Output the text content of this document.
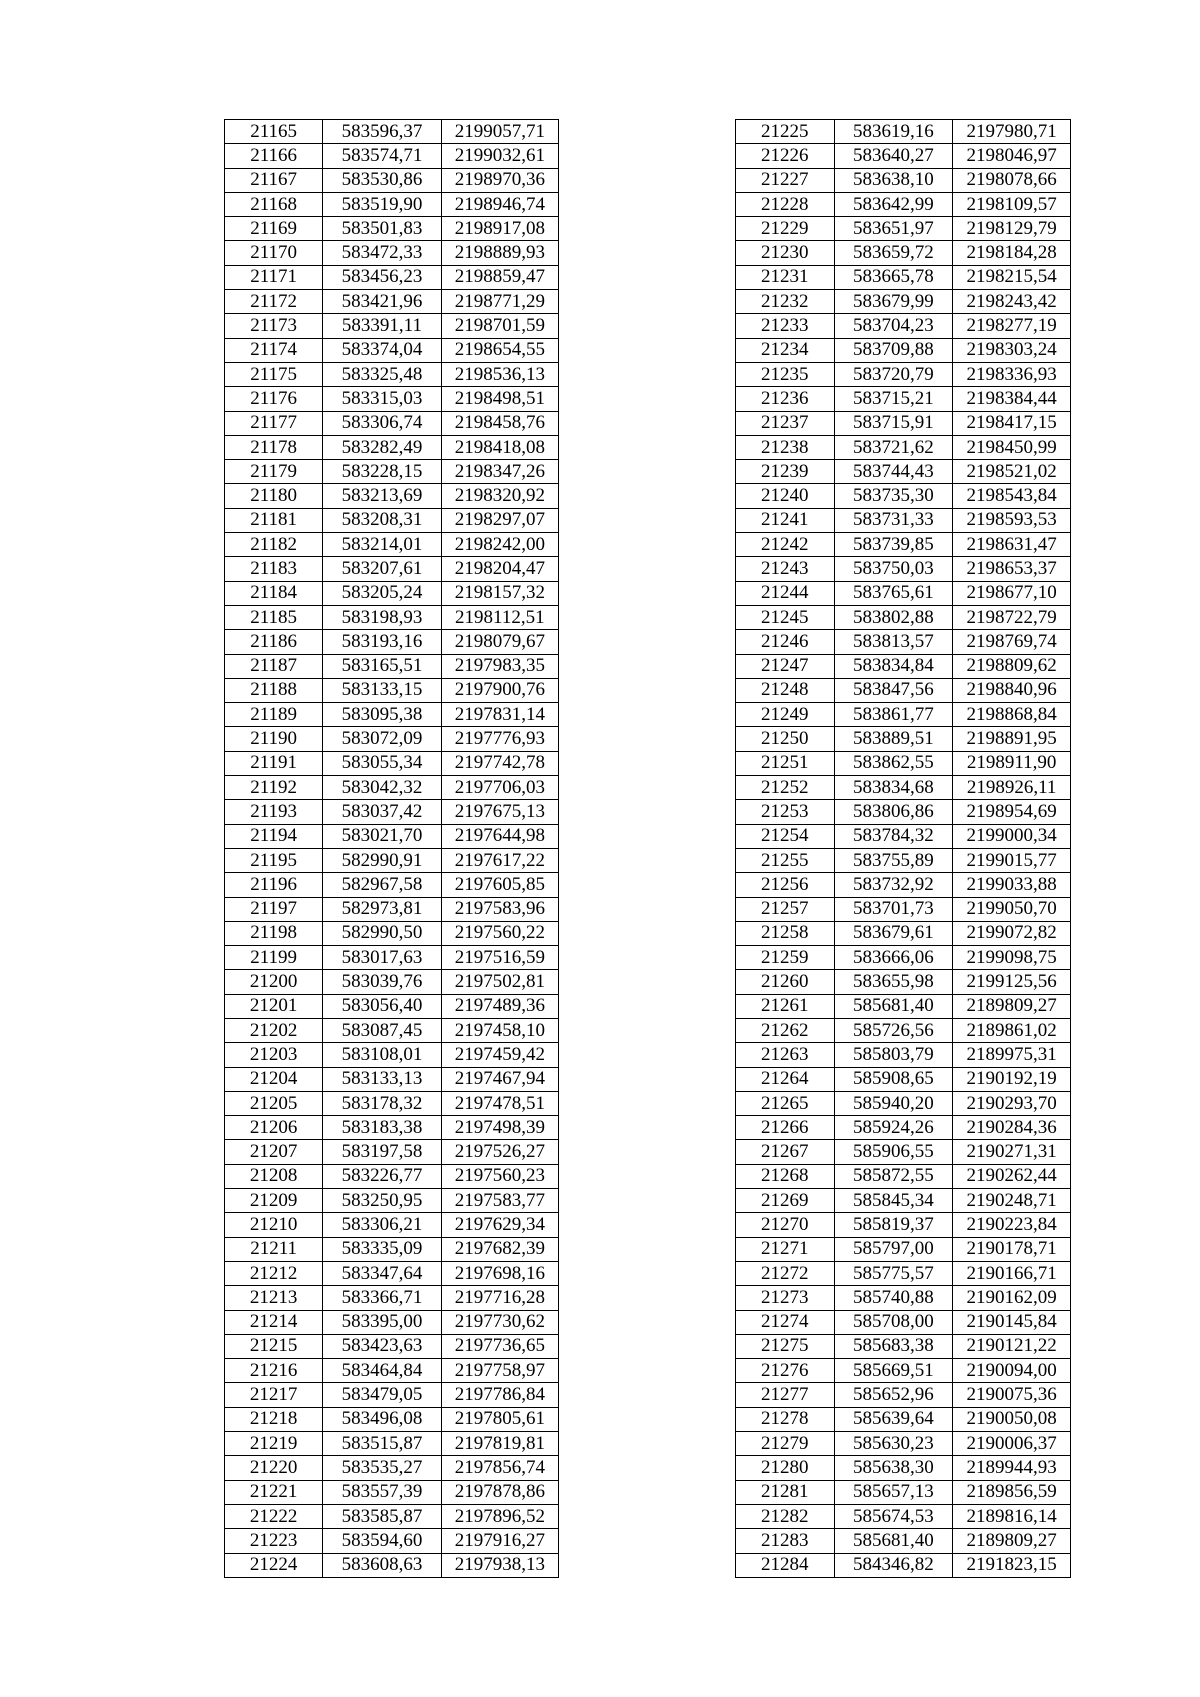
21165	583596,37	2199057,71
21166	583574,71	2199032,61
21167	583530,86	2198970,36
21168	583519,90	2198946,74
21169	583501,83	2198917,08
21170	583472,33	2198889,93
21171	583456,23	2198859,47
21172	583421,96	2198771,29
21173	583391,11	2198701,59
21174	583374,04	2198654,55
21175	583325,48	2198536,13
21176	583315,03	2198498,51
21177	583306,74	2198458,76
21178	583282,49	2198418,08
21179	583228,15	2198347,26
21180	583213,69	2198320,92
21181	583208,31	2198297,07
21182	583214,01	2198242,00
21183	583207,61	2198204,47
21184	583205,24	2198157,32
21185	583198,93	2198112,51
21186	583193,16	2198079,67
21187	583165,51	2197983,35
21188	583133,15	2197900,76
21189	583095,38	2197831,14
21190	583072,09	2197776,93
21191	583055,34	2197742,78
21192	583042,32	2197706,03
21193	583037,42	2197675,13
21194	583021,70	2197644,98
21195	582990,91	2197617,22
21196	582967,58	2197605,85
21197	582973,81	2197583,96
21198	582990,50	2197560,22
21199	583017,63	2197516,59
21200	583039,76	2197502,81
21201	583056,40	2197489,36
21202	583087,45	2197458,10
21203	583108,01	2197459,42
21204	583133,13	2197467,94
21205	583178,32	2197478,51
21206	583183,38	2197498,39
21207	583197,58	2197526,27
21208	583226,77	2197560,23
21209	583250,95	2197583,77
21210	583306,21	2197629,34
21211	583335,09	2197682,39
21212	583347,64	2197698,16
21213	583366,71	2197716,28
21214	583395,00	2197730,62
21215	583423,63	2197736,65
21216	583464,84	2197758,97
21217	583479,05	2197786,84
21218	583496,08	2197805,61
21219	583515,87	2197819,81
21220	583535,27	2197856,74
21221	583557,39	2197878,86
21222	583585,87	2197896,52
21223	583594,60	2197916,27
21224	583608,63	2197938,13
21225	583619,16	2197980,71
21226	583640,27	2198046,97
21227	583638,10	2198078,66
21228	583642,99	2198109,57
21229	583651,97	2198129,79
21230	583659,72	2198184,28
21231	583665,78	2198215,54
21232	583679,99	2198243,42
21233	583704,23	2198277,19
21234	583709,88	2198303,24
21235	583720,79	2198336,93
21236	583715,21	2198384,44
21237	583715,91	2198417,15
21238	583721,62	2198450,99
21239	583744,43	2198521,02
21240	583735,30	2198543,84
21241	583731,33	2198593,53
21242	583739,85	2198631,47
21243	583750,03	2198653,37
21244	583765,61	2198677,10
21245	583802,88	2198722,79
21246	583813,57	2198769,74
21247	583834,84	2198809,62
21248	583847,56	2198840,96
21249	583861,77	2198868,84
21250	583889,51	2198891,95
21251	583862,55	2198911,90
21252	583834,68	2198926,11
21253	583806,86	2198954,69
21254	583784,32	2199000,34
21255	583755,89	2199015,77
21256	583732,92	2199033,88
21257	583701,73	2199050,70
21258	583679,61	2199072,82
21259	583666,06	2199098,75
21260	583655,98	2199125,56
21261	585681,40	2189809,27
21262	585726,56	2189861,02
21263	585803,79	2189975,31
21264	585908,65	2190192,19
21265	585940,20	2190293,70
21266	585924,26	2190284,36
21267	585906,55	2190271,31
21268	585872,55	2190262,44
21269	585845,34	2190248,71
21270	585819,37	2190223,84
21271	585797,00	2190178,71
21272	585775,57	2190166,71
21273	585740,88	2190162,09
21274	585708,00	2190145,84
21275	585683,38	2190121,22
21276	585669,51	2190094,00
21277	585652,96	2190075,36
21278	585639,64	2190050,08
21279	585630,23	2190006,37
21280	585638,30	2189944,93
21281	585657,13	2189856,59
21282	585674,53	2189816,14
21283	585681,40	2189809,27
21284	584346,82	2191823,15
